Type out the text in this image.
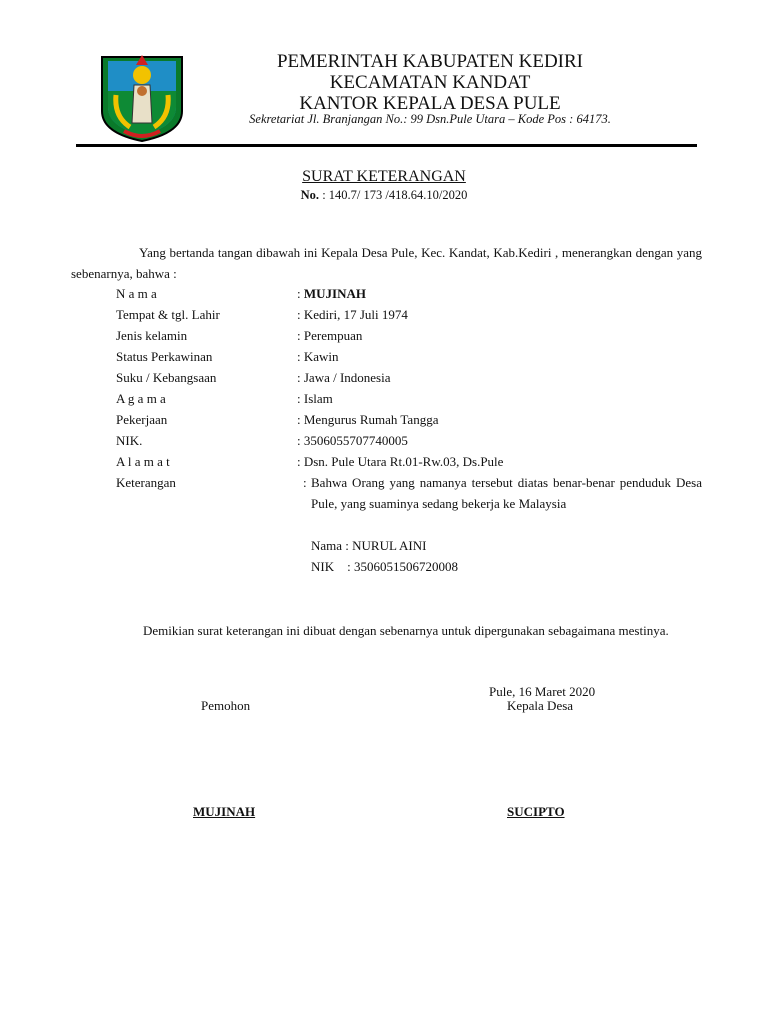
PEMERINTAH KABUPATEN KEDIRI
KECAMATAN KANDAT
KANTOR KEPALA DESA PULE
Sekretariat Jl. Branjangan No.: 99 Dsn.Pule Utara – Kode Pos : 64173.
SURAT KETERANGAN
No. : 140.7/ 173 /418.64.10/2020
Yang bertanda tangan dibawah ini Kepala Desa Pule, Kec. Kandat, Kab.Kediri , menerangkan dengan yang sebenarnya, bahwa :
N a m a	: MUJINAH
Tempat & tgl. Lahir	: Kediri, 17 Juli 1974
Jenis kelamin	: Perempuan
Status Perkawinan	: Kawin
Suku / Kebangsaan	: Jawa / Indonesia
A g a m a	: Islam
Pekerjaan	: Mengurus Rumah Tangga
NIK.	: 3506055707740005
A l a m a t	: Dsn. Pule Utara Rt.01-Rw.03, Ds.Pule
Keterangan	: Bahwa Orang yang namanya tersebut diatas benar-benar penduduk Desa Pule, yang suaminya sedang bekerja ke Malaysia
Nama : NURUL AINI
NIK    : 3506051506720008
Demikian surat keterangan ini dibuat dengan sebenarnya untuk dipergunakan sebagaimana mestinya.
Pule, 16 Maret 2020
Pemohon	Kepala Desa
MUJINAH	SUCIPTO
